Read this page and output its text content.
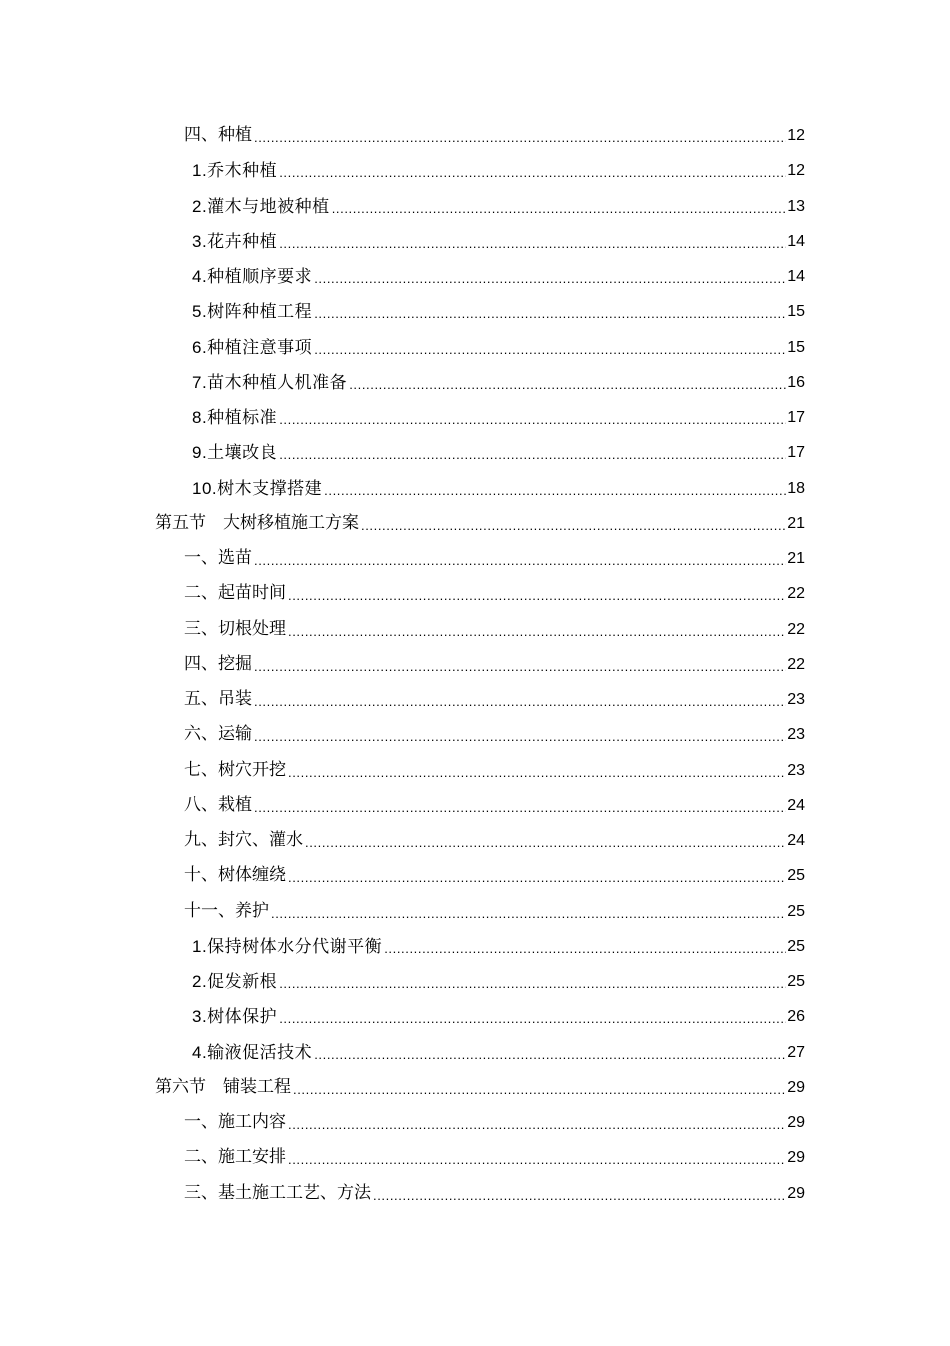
四、种植 .....	12
1.乔木种植 .....	12
2.灌木与地被种植 .....	13
3.花卉种植 .....	14
4.种植顺序要求 .....	14
5.树阵种植工程 .....	15
6.种植注意事项 .....	15
7.苗木种植人机准备 .....	16
8.种植标准 .....	17
9.土壤改良 .....	17
10.树木支撑搭建 .....	18
第五节　大树移植施工方案 .....	21
一、选苗 .....	21
二、起苗时间 .....	22
三、切根处理 .....	22
四、挖掘 .....	22
五、吊装 .....	23
六、运输 .....	23
七、树穴开挖 .....	23
八、栽植 .....	24
九、封穴、灌水 .....	24
十、树体缠绕 .....	25
十一、养护 .....	25
1.保持树体水分代谢平衡 .....	25
2.促发新根 .....	25
3.树体保护 .....	26
4.输液促活技术 .....	27
第六节　铺装工程 .....	29
一、施工内容 .....	29
二、施工安排 .....	29
三、基土施工工艺、方法 .....	29
